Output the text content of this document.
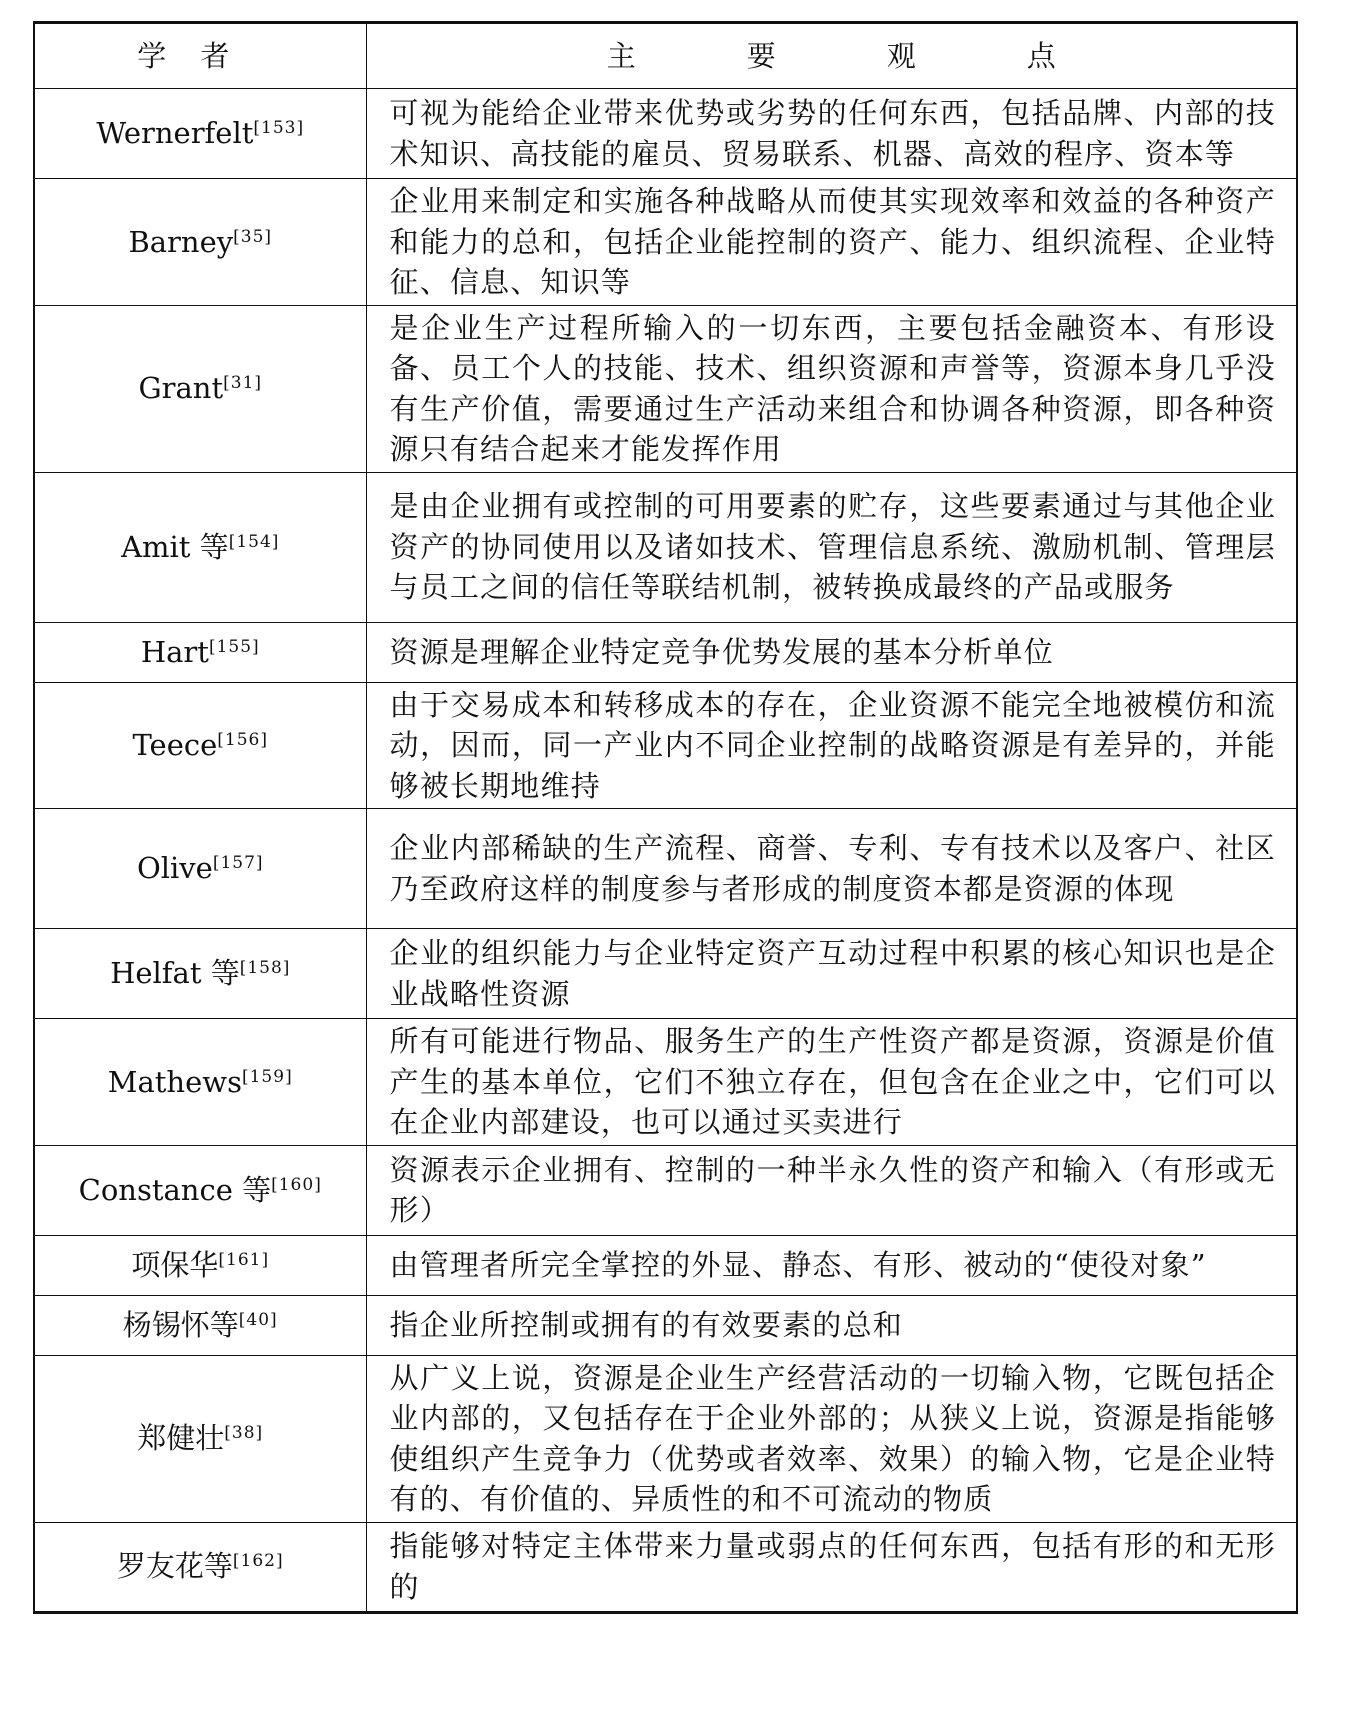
学者	主 要 观 点
Wernerfelt[153]	可视为能给企业带来优势或劣势的任何东西，包括品牌、内部的技术知识、高技能的雇员、贸易联系、机器、高效的程序、资本等
Barney[35]	企业用来制定和实施各种战略从而使其实现效率和效益的各种资产和能力的总和，包括企业能控制的资产、能力、组织流程、企业特征、信息、知识等
Grant[31]	是企业生产过程所输入的一切东西，主要包括金融资本、有形设备、员工个人的技能、技术、组织资源和声誉等，资源本身几乎没有生产价值，需要通过生产活动来组合和协调各种资源，即各种资源只有结合起来才能发挥作用
Amit 等[154]	是由企业拥有或控制的可用要素的贮存，这些要素通过与其他企业资产的协同使用以及诸如技术、管理信息系统、激励机制、管理层与员工之间的信任等联结机制，被转换成最终的产品或服务
Hart[155]	资源是理解企业特定竞争优势发展的基本分析单位
Teece[156]	由于交易成本和转移成本的存在，企业资源不能完全地被模仿和流动，因而，同一产业内不同企业控制的战略资源是有差异的，并能够被长期地维持
Olive[157]	企业内部稀缺的生产流程、商誉、专利、专有技术以及客户、社区乃至政府这样的制度参与者形成的制度资本都是资源的体现
Helfat 等[158]	企业的组织能力与企业特定资产互动过程中积累的核心知识也是企业战略性资源
Mathews[159]	所有可能进行物品、服务生产的生产性资产都是资源，资源是价值产生的基本单位，它们不独立存在，但包含在企业之中，它们可以在企业内部建设，也可以通过买卖进行
Constance 等[160]	资源表示企业拥有、控制的一种半永久性的资产和输入（有形或无形）
项保华[161]	由管理者所完全掌控的外显、静态、有形、被动的“使役对象”
杨锡怀等[40]	指企业所控制或拥有的有效要素的总和
郑健壮[38]	从广义上说，资源是企业生产经营活动的一切输入物，它既包括企业内部的，又包括存在于企业外部的；从狭义上说，资源是指能够使组织产生竞争力（优势或者效率、效果）的输入物，它是企业特有的、有价值的、异质性的和不可流动的物质
罗友花等[162]	指能够对特定主体带来力量或弱点的任何东西，包括有形的和无形的
